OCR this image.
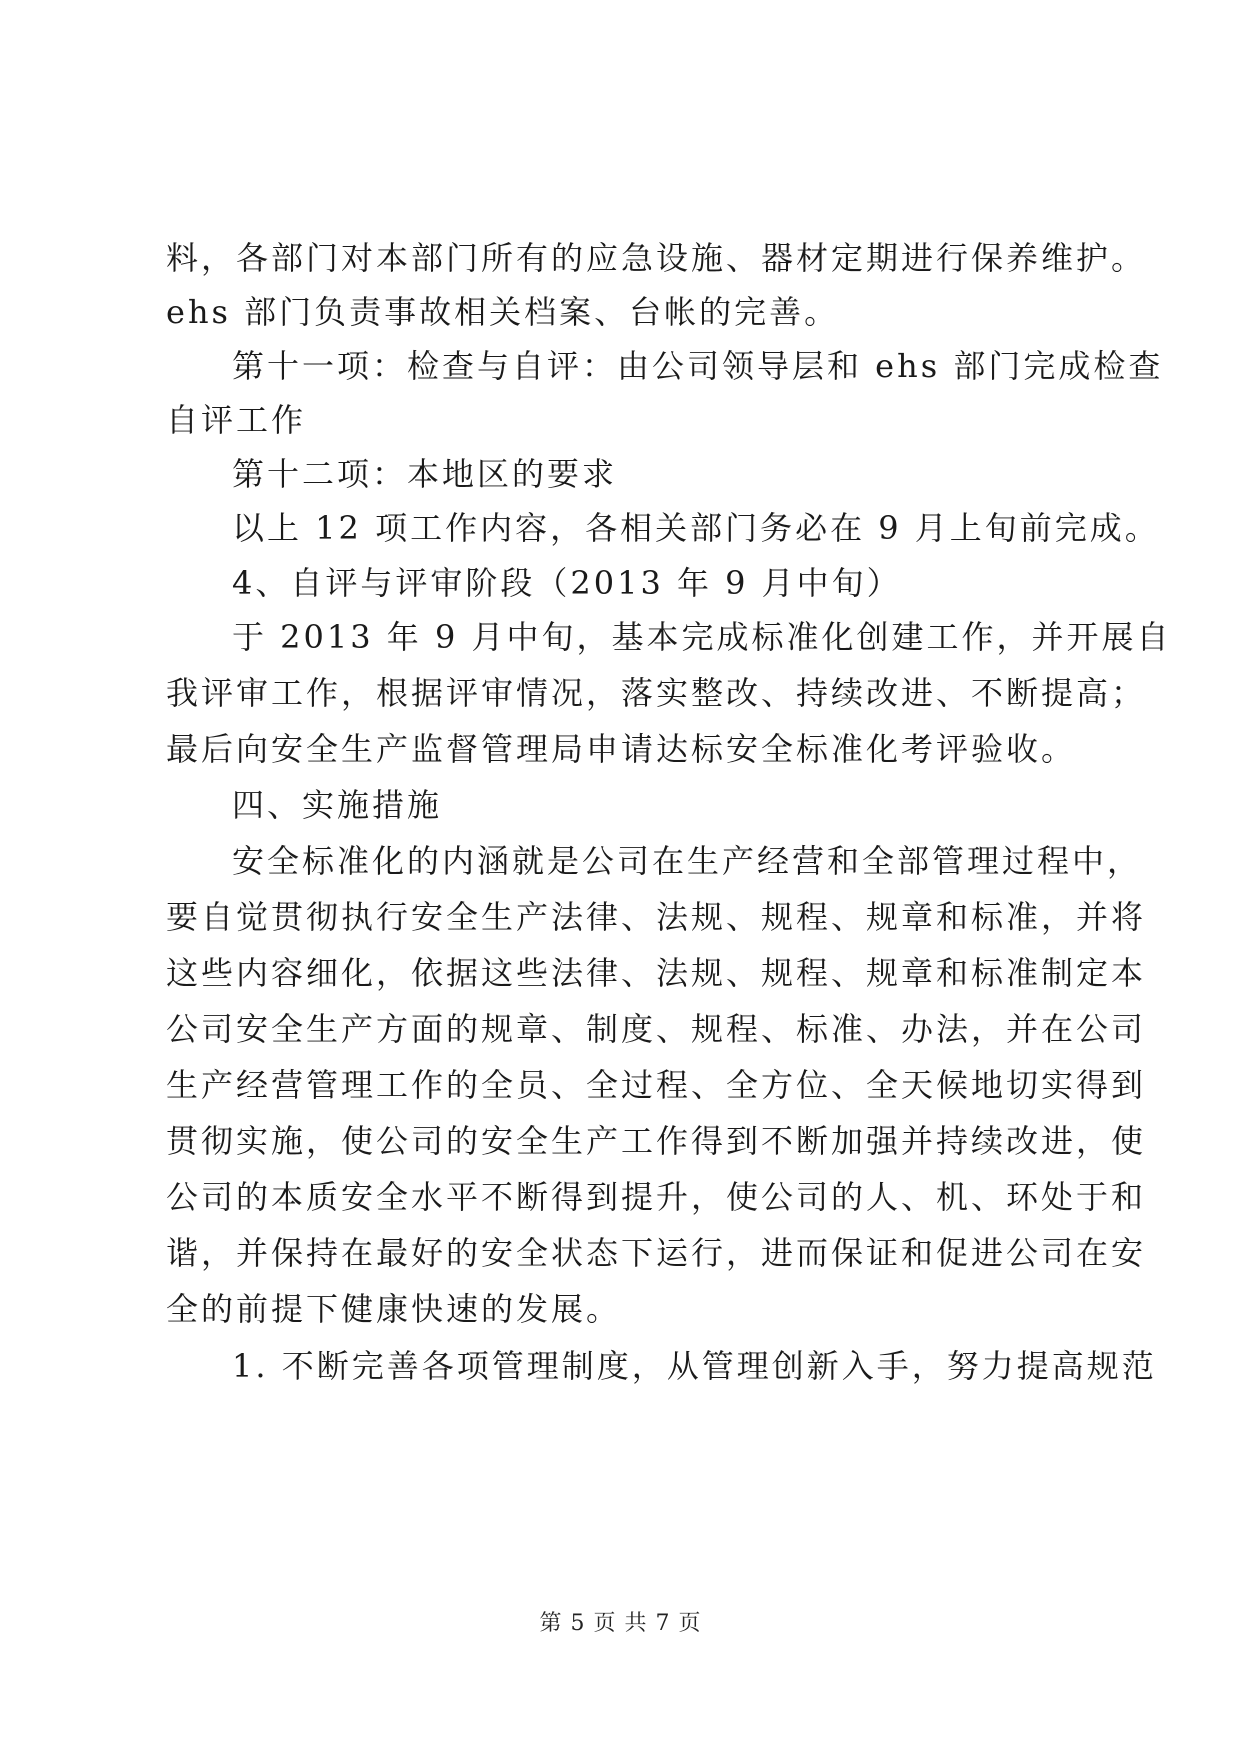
料，各部门对本部门所有的应急设施、器材定期进行保养维护。
ehs 部门负责事故相关档案、台帐的完善。
第十一项：检查与自评：由公司领导层和 ehs 部门完成检查
自评工作
第十二项：本地区的要求
以上 12 项工作内容，各相关部门务必在 9 月上旬前完成。
4、自评与评审阶段（2013 年 9 月中旬）
于 2013 年 9 月中旬，基本完成标准化创建工作，并开展自
我评审工作，根据评审情况，落实整改、持续改进、不断提高；
最后向安全生产监督管理局申请达标安全标准化考评验收。
四、实施措施
安全标准化的内涵就是公司在生产经营和全部管理过程中，
要自觉贯彻执行安全生产法律、法规、规程、规章和标准，并将
这些内容细化，依据这些法律、法规、规程、规章和标准制定本
公司安全生产方面的规章、制度、规程、标准、办法，并在公司
生产经营管理工作的全员、全过程、全方位、全天候地切实得到
贯彻实施，使公司的安全生产工作得到不断加强并持续改进，使
公司的本质安全水平不断得到提升，使公司的人、机、环处于和
谐，并保持在最好的安全状态下运行，进而保证和促进公司在安
全的前提下健康快速的发展。
1. 不断完善各项管理制度，从管理创新入手，努力提高规范
第 5 页 共 7 页
